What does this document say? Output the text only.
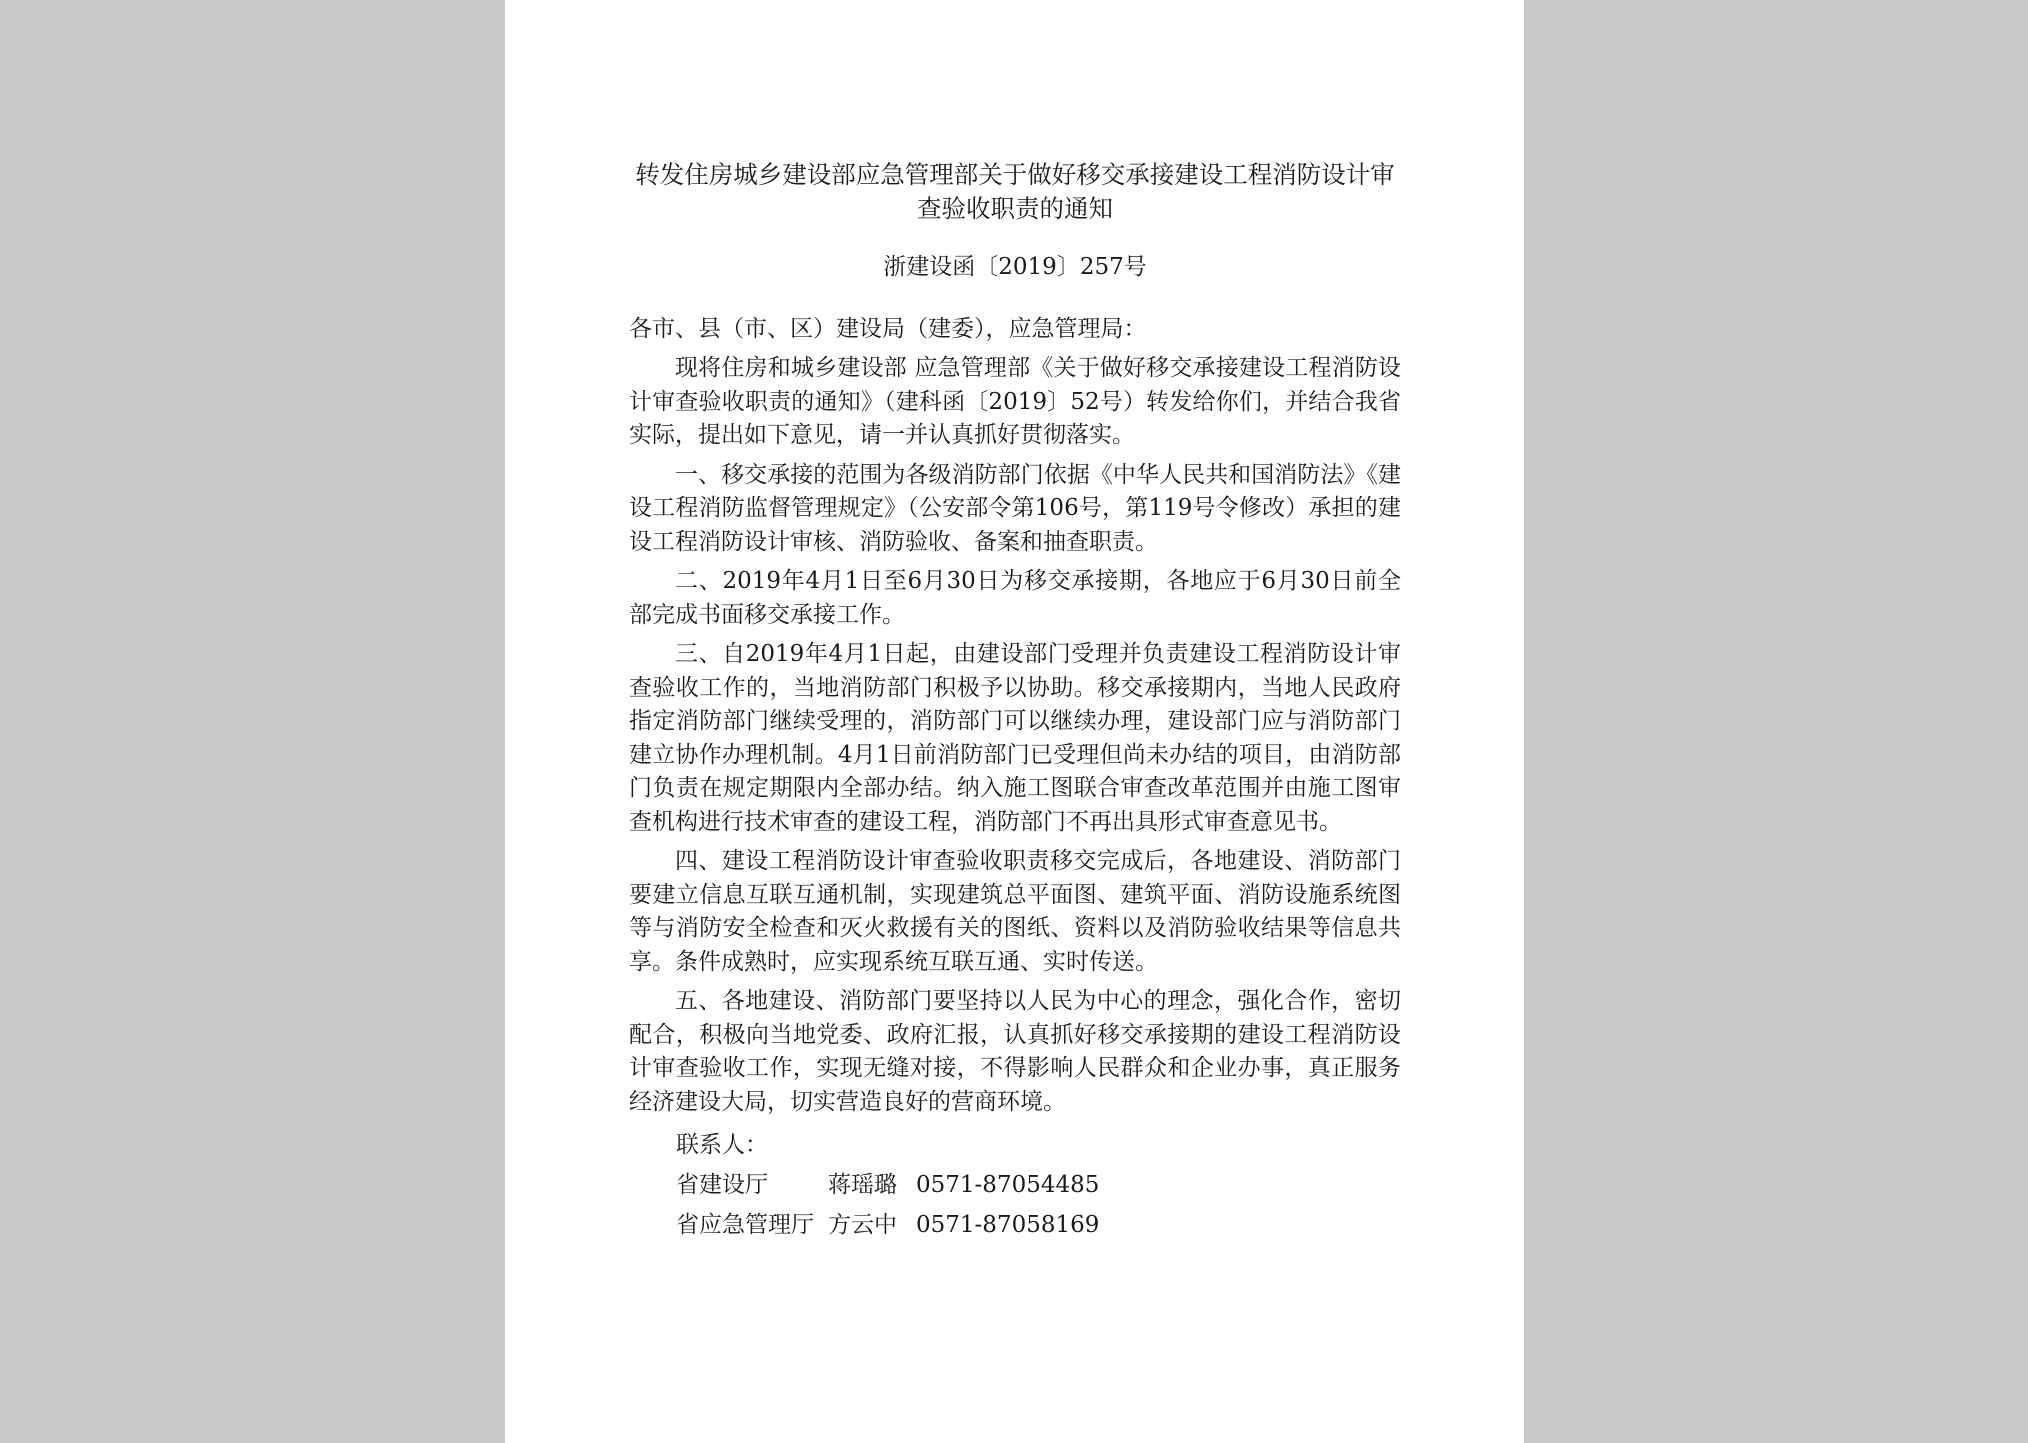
转发住房城乡建设部应急管理部关于做好移交承接建设工程消防设计审查验收职责的通知

浙建设函〔2019〕257号

各市、县（市、区）建设局（建委），应急管理局：

现将住房和城乡建设部 应急管理部《关于做好移交承接建设工程消防设计审查验收职责的通知》（建科函〔2019〕52号）转发给你们，并结合我省实际，提出如下意见，请一并认真抓好贯彻落实。

一、移交承接的范围为各级消防部门依据《中华人民共和国消防法》《建设工程消防监督管理规定》（公安部令第106号，第119号令修改）承担的建设工程消防设计审核、消防验收、备案和抽查职责。

二、2019年4月1日至6月30日为移交承接期，各地应于6月30日前全部完成书面移交承接工作。

三、自2019年4月1日起，由建设部门受理并负责建设工程消防设计审查验收工作的，当地消防部门积极予以协助。移交承接期内，当地人民政府指定消防部门继续受理的，消防部门可以继续办理，建设部门应与消防部门建立协作办理机制。4月1日前消防部门已受理但尚未办结的项目，由消防部门负责在规定期限内全部办结。纳入施工图联合审查改革范围并由施工图审查机构进行技术审查的建设工程，消防部门不再出具形式审查意见书。

四、建设工程消防设计审查验收职责移交完成后，各地建设、消防部门要建立信息互联互通机制，实现建筑总平面图、建筑平面、消防设施系统图等与消防安全检查和灭火救援有关的图纸、资料以及消防验收结果等信息共享。条件成熟时，应实现系统互联互通、实时传送。

五、各地建设、消防部门要坚持以人民为中心的理念，强化合作，密切配合，积极向当地党委、政府汇报，认真抓好移交承接期的建设工程消防设计审查验收工作，实现无缝对接，不得影响人民群众和企业办事，真正服务经济建设大局，切实营造良好的营商环境。

联系人：

省建设厅	蒋瑶璐 0571-87054485

省应急管理厅 方云中 0571-87058169
